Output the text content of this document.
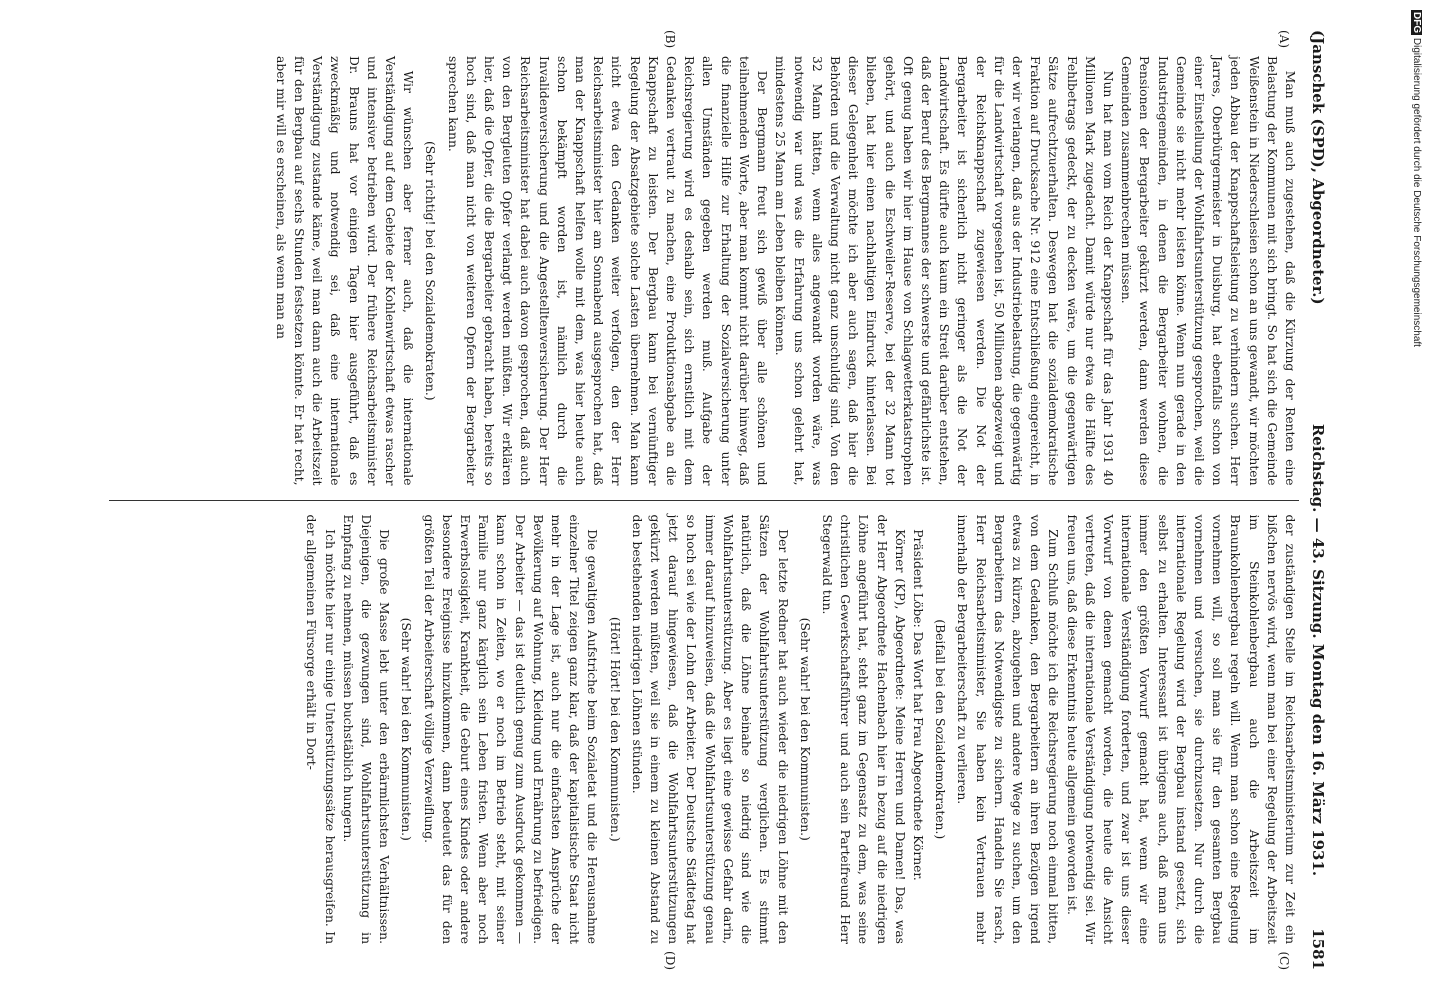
(Janschek (SPD), Abgeordneter.)
Reichstag. — 43. Sitzung. Montag den 16. März 1931.
1581
(A)
(B)

Man muß auch zugestehen, daß die Kürzung der Renten eine Belastung der Kommunen mit sich bringt. So hat sich die Gemeinde Weißenstein in Niederschlesien schon an uns gewandt, wir möchten jeden Abbau der Knappschaftsleistung zu verhindern suchen. Herr Jarres, Oberbürgermeister in Duisburg, hat ebenfalls schon von einer Einstellung der Wohlfahrtsunterstützung gesprochen, weil die Gemeinde sie nicht mehr leisten könne. Wenn nun gerade in den Industriegemeinden, in denen die Bergarbeiter wohnen, die Pensionen der Bergarbeiter gekürzt werden, dann werden diese Gemeinden zusammenbrechen müssen.

Nun hat man vom Reich der Knappschaft für das Jahr 1931 40 Millionen Mark zugedacht. Damit würde nur etwa die Hälfte des Fehlbetrags gedeckt, der zu decken wäre, um die gegenwärtigen Sätze aufrechtzuerhalten. Deswegen hat die sozialdemokratische Fraktion auf Drucksache Nr. 912 eine Entschließung eingereicht, in der wir verlangen, daß aus der Industriebelastung, die gegenwärtig für die Landwirtschaft vorgesehen ist, 50 Millionen abgezweigt und der Reichsknappschaft zugewiesen werden. Die Not der Bergarbeiter ist sicherlich nicht geringer als die Not der Landwirtschaft. Es dürfte auch kaum ein Streit darüber entstehen, daß der Beruf des Bergmannes der schwerste und gefährlichste ist. Oft genug haben wir hier im Hause von Schlagwetterkatastrophen gehört, und auch die Eschweiler-Reserve, bei der 32 Mann tot blieben, hat hier einen nachhaltigen Eindruck hinterlassen. Bei dieser Gelegenheit möchte ich aber auch sagen, daß hier die Behörden und die Verwaltung nicht ganz unschuldig sind. Von den 32 Mann hätten, wenn alles angewandt worden wäre, was notwendig war und was die Erfahrung uns schon gelehrt hat, mindestens 25 Mann am Leben bleiben können.

Der Bergmann freut sich gewiß über alle schönen und teilnehmenden Worte, aber man kommt nicht darüber hinweg, daß die finanzielle Hilfe zur Erhaltung der Sozialversicherung unter allen Umständen gegeben werden muß. Aufgabe der Reichsregierung wird es deshalb sein, sich ernstlich mit dem Gedanken vertraut zu machen, eine Produktionsabgabe an die Knappschaft zu leisten. Der Bergbau kann bei vernünftiger Regelung der Absatzgebiete solche Lasten übernehmen. Man kann nicht etwa den Gedanken weiter verfolgen, den der Herr Reichsarbeitsminister hier am Sonnabend ausgesprochen hat, daß man der Knappschaft helfen wolle mit dem, was hier heute auch schon bekämpft worden ist, nämlich durch die Invalidenversicherung und die Angestelltenversicherung. Der Herr Reichsarbeitsminister hat dabei auch davon gesprochen, daß auch von den Bergleuten Opfer verlangt werden müßten. Wir erklären hier, daß die Opfer, die die Bergarbeiter gebracht haben, bereits so hoch sind, daß man nicht von weiteren Opfern der Bergarbeiter sprechen kann.

(Sehr richtig! bei den Sozialdemokraten.)

Wir wünschen aber ferner auch, daß die internationale Verständigung auf dem Gebiete der Kohlenwirtschaft etwas rascher und intensiver betrieben wird. Der frühere Reichsarbeitsminister Dr. Brauns hat vor einigen Tagen hier ausgeführt, daß es zweckmäßig und notwendig sei, daß eine internationale Verständigung zustande käme, weil man dann auch die Arbeitszeit für den Bergbau auf sechs Stunden festsetzen könnte. Er hat recht, aber mir will es erscheinen, als wenn man an

(C)
(D)

der zuständigen Stelle im Reichsarbeitsministerium zur Zeit ein bißchen nervös wird, wenn man bei einer Regelung der Arbeitszeit im Steinkohlenbergbau auch die Arbeitszeit im Braunkohlenbergbau regeln will. Wenn man schon eine Regelung vornehmen will, so soll man sie für den gesamten Bergbau vornehmen und versuchen, sie durchzusetzen. Nur durch die internationale Regelung wird der Bergbau instand gesetzt, sich selbst zu erhalten. Interessant ist übrigens auch, daß man uns immer den größten Vorwurf gemacht hat, wenn wir eine internationale Verständigung forderten, und zwar ist uns dieser Vorwurf von denen gemacht worden, die heute die Ansicht vertreten, daß die internationale Verständigung notwendig sei. Wir freuen uns, daß diese Erkenntnis heute allgemein geworden ist.

Zum Schluß möchte ich die Reichsregierung noch einmal bitten, von dem Gedanken, den Bergarbeitern an ihren Bezügen irgend etwas zu kürzen, abzugehen und andere Wege zu suchen, um den Bergarbeitern das Notwendigste zu sichern. Handeln Sie rasch, Herr Reichsarbeitsminister, Sie haben kein Vertrauen mehr innerhalb der Bergarbeiterschaft zu verlieren.

(Beifall bei den Sozialdemokraten.)

Präsident Löbe: Das Wort hat Frau Abgeordnete Körner.

Körner (KP), Abgeordnete: Meine Herren und Damen! Das, was der Herr Abgeordnete Hachenbach hier in bezug auf die niedrigen Löhne angeführt hat, steht ganz im Gegensatz zu dem, was seine christlichen Gewerkschaftsführer und auch sein Parteifreund Herr Stegerwald tun.

(Sehr wahr! bei den Kommunisten.)

Der letzte Redner hat auch wieder die niedrigen Löhne mit den Sätzen der Wohlfahrtsunterstützung verglichen. Es stimmt natürlich, daß die Löhne beinahe so niedrig sind wie die Wohlfahrtsunterstützung. Aber es liegt eine gewisse Gefahr darin, immer darauf hinzuweisen, daß die Wohlfahrtsunterstützung genau so hoch sei wie der Lohn der Arbeiter. Der Deutsche Städtetag hat jetzt darauf hingewiesen, daß die Wohlfahrtsunterstützungen gekürzt werden müßten, weil sie in einem zu kleinen Abstand zu den bestehenden niedrigen Löhnen stünden.

(Hört! Hört! bei den Kommunisten.)

Die gewaltigen Aufstriche beim Sozialetat und die Herausnahme einzelner Titel zeigen ganz klar, daß der kapitalistische Staat nicht mehr in der Lage ist, auch nur die einfachsten Ansprüche der Bevölkerung auf Wohnung, Kleidung und Ernährung zu befriedigen. Der Arbeiter — das ist deutlich genug zum Ausdruck gekommen — kann schon in Zeiten, wo er noch im Betrieb steht, mit seiner Familie nur ganz kärglich sein Leben fristen. Wenn aber noch Erwerbslosigkeit, Krankheit, die Geburt eines Kindes oder andere besondere Ereignisse hinzukommen, dann bedeutet das für den größten Teil der Arbeiterschaft völlige Verzweiflung.

(Sehr wahr! bei den Kommunisten.)

Die große Masse lebt unter den erbärmlichsten Verhältnissen. Diejenigen, die gezwungen sind, Wohlfahrtsunterstützung in Empfang zu nehmen, müssen buchstäblich hungern.

Ich möchte hier nur einige Unterstützungssätze herausgreifen. In der allgemeinen Fürsorge erhält in Dort-

DFG Digitalisierung gefördert durch die Deutsche Forschungsgemeinschaft
